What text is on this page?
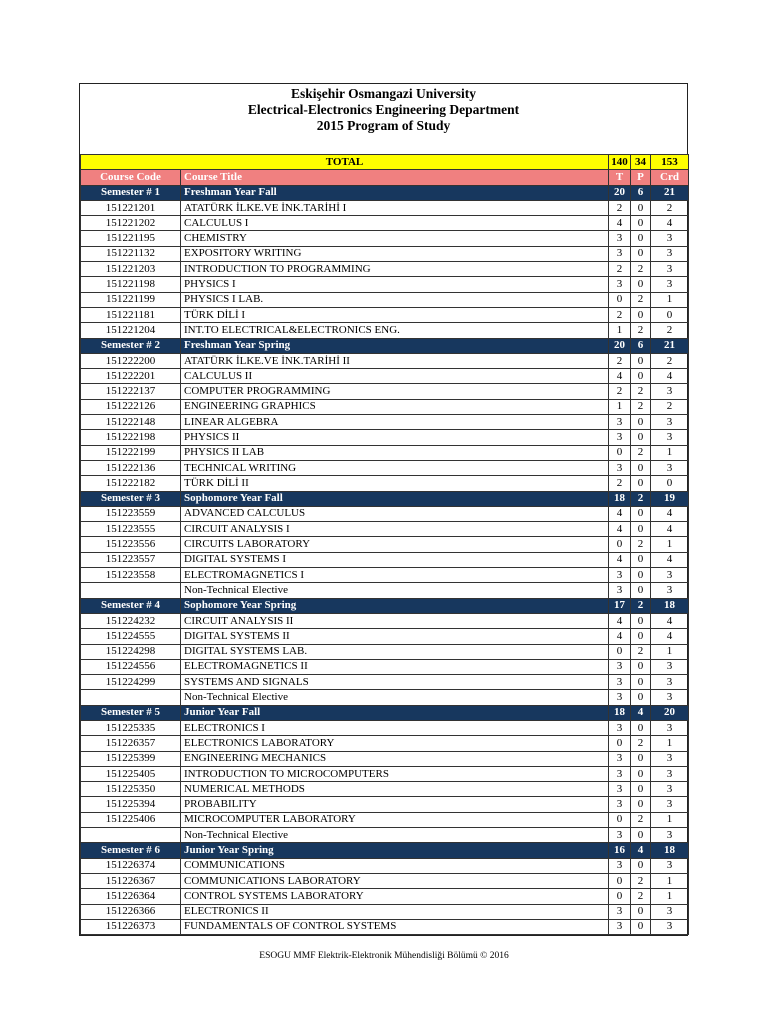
Eskişehir Osmangazi University
Electrical-Electronics Engineering Department
2015 Program of Study
TOTAL		140	34	153	
Course Code	Course Title	T	P	Crd	
Semester # 1	Freshman Year Fall	20	6	21	
151221201	ATATÜRK İLKE.VE İNK.TARİHİ I	2	0	2	
151221202	CALCULUS I	4	0	4	
151221195	CHEMISTRY	3	0	3	
151221132	EXPOSITORY WRITING	3	0	3	
151221203	INTRODUCTION TO PROGRAMMING	2	2	3	
151221198	PHYSICS I	3	0	3	
151221199	PHYSICS I LAB.	0	2	1	
151221181	TÜRK DİLİ I	2	0	0	
151221204	INT.TO ELECTRICAL&ELECTRONICS ENG.	1	2	2	
Semester # 2	Freshman Year Spring	20	6	21	
151222200	ATATÜRK İLKE.VE İNK.TARİHİ II	2	0	2	
151222201	CALCULUS II	4	0	4	
151222137	COMPUTER PROGRAMMING	2	2	3	
151222126	ENGINEERING GRAPHICS	1	2	2	
151222148	LINEAR ALGEBRA	3	0	3	
151222198	PHYSICS II	3	0	3	
151222199	PHYSICS II LAB	0	2	1	
151222136	TECHNICAL WRITING	3	0	3	
151222182	TÜRK DİLİ II	2	0	0	
Semester # 3	Sophomore Year Fall	18	2	19	
151223559	ADVANCED CALCULUS	4	0	4	
151223555	CIRCUIT ANALYSIS I	4	0	4	
151223556	CIRCUITS LABORATORY	0	2	1	
151223557	DIGITAL SYSTEMS I	4	0	4	
151223558	ELECTROMAGNETICS I	3	0	3	
	Non-Technical Elective	3	0	3	
Semester # 4	Sophomore Year Spring	17	2	18	
151224232	CIRCUIT ANALYSIS II	4	0	4	
151224555	DIGITAL SYSTEMS II	4	0	4	
151224298	DIGITAL SYSTEMS LAB.	0	2	1	
151224556	ELECTROMAGNETICS II	3	0	3	
151224299	SYSTEMS AND SIGNALS	3	0	3	
	Non-Technical Elective	3	0	3	
Semester # 5	Junior Year Fall	18	4	20	
151225335	ELECTRONICS I	3	0	3	
151226357	ELECTRONICS LABORATORY	0	2	1	
151225399	ENGINEERING MECHANICS	3	0	3	
151225405	INTRODUCTION TO MICROCOMPUTERS	3	0	3	
151225350	NUMERICAL METHODS	3	0	3	
151225394	PROBABILITY	3	0	3	
151225406	MICROCOMPUTER LABORATORY	0	2	1	
	Non-Technical Elective	3	0	3	
Semester # 6	Junior Year Spring	16	4	18	
151226374	COMMUNICATIONS	3	0	3	
151226367	COMMUNICATIONS LABORATORY	0	2	1	
151226364	CONTROL SYSTEMS LABORATORY	0	2	1	
151226366	ELECTRONICS II	3	0	3	
151226373	FUNDAMENTALS OF CONTROL SYSTEMS	3	0	3	
ESOGU MMF Elektrik-Elektronik Mühendisliği Bölümü © 2016
